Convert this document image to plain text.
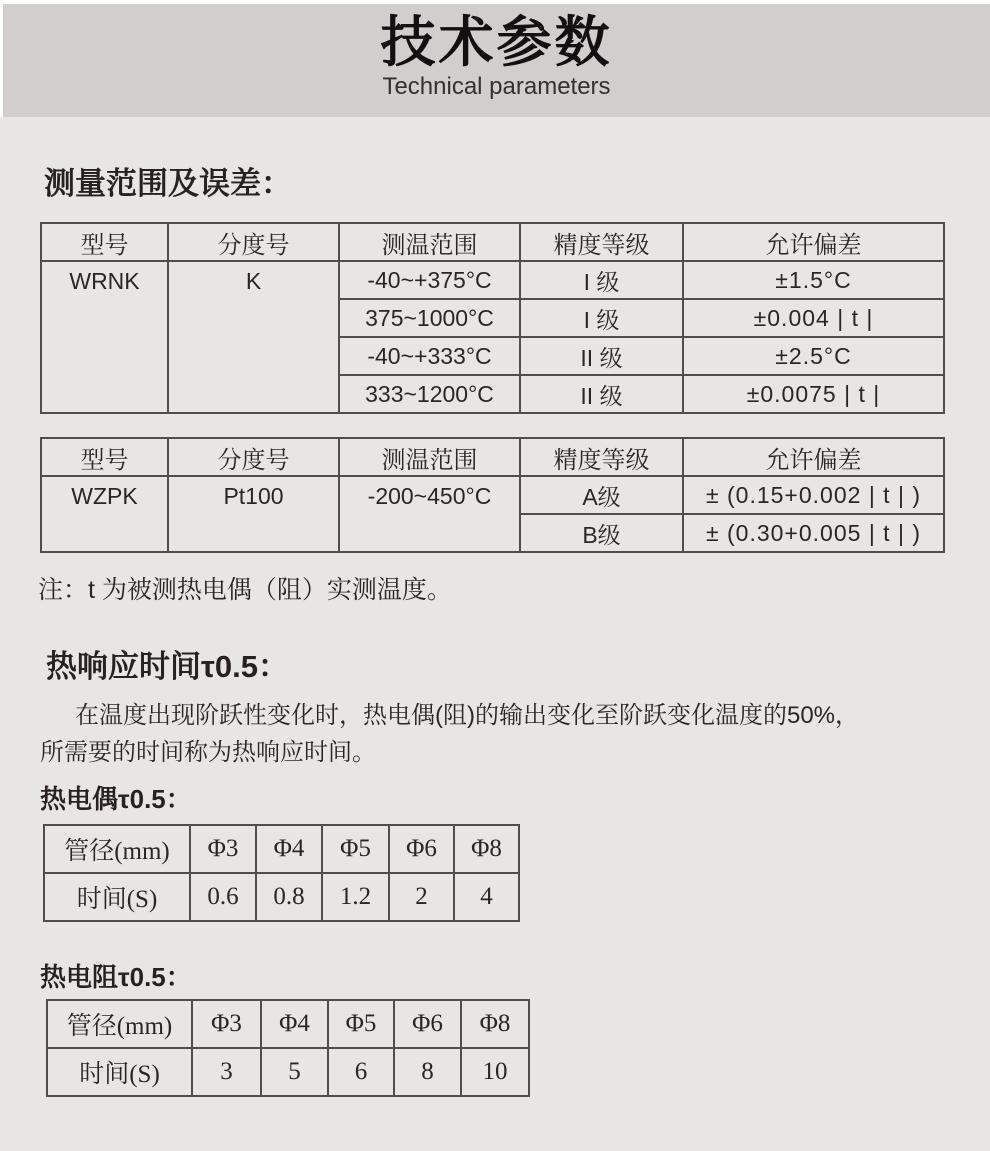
技术参数
Technical parameters
测量范围及误差：
型号	分度号	测温范围	精度等级	允许偏差
WRNK	K	-40~+375°C	I 级	±1.5°C
		375~1000°C	I 级	±0.004 | t |
		-40~+333°C	II 级	±2.5°C
		333~1200°C	II 级	±0.0075 | t |
型号	分度号	测温范围	精度等级	允许偏差
WZPK	Pt100	-200~450°C	A级	± (0.15+0.002 | t | )
			B级	± (0.30+0.005 | t | )
注：t 为被测热电偶（阻）实测温度。
热响应时间τ0.5：
在温度出现阶跃性变化时，热电偶(阻)的输出变化至阶跃变化温度的50%，
所需要的时间称为热响应时间。
热电偶τ0.5：
管径(mm)	Φ3	Φ4	Φ5	Φ6	Φ8
时间(S)	0.6	0.8	1.2	2	4
热电阻τ0.5：
管径(mm)	Φ3	Φ4	Φ5	Φ6	Φ8
时间(S)	3	5	6	8	10
